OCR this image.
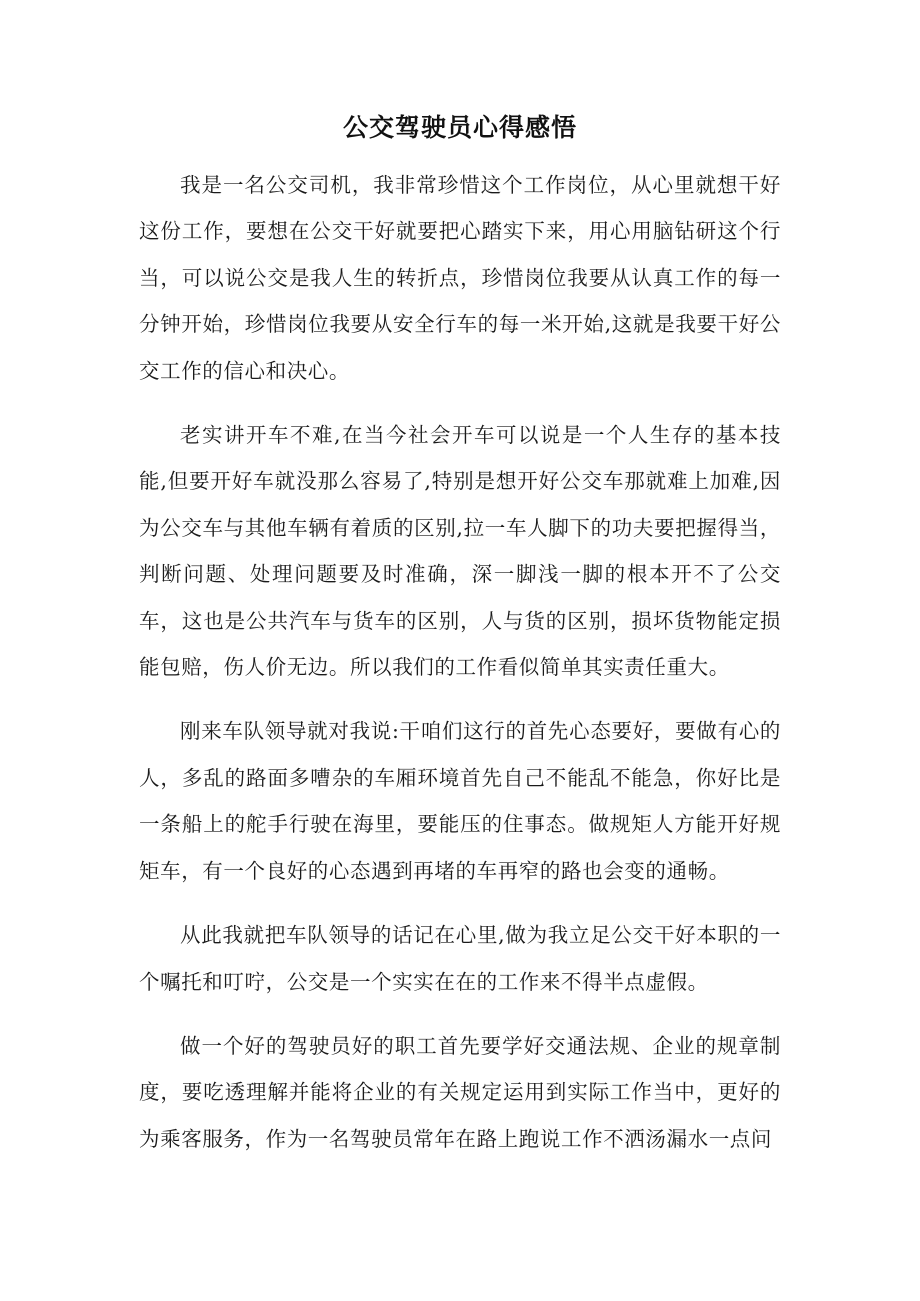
公交驾驶员心得感悟

我是一名公交司机，我非常珍惜这个工作岗位，从心里就想干好这份工作，要想在公交干好就要把心踏实下来，用心用脑钻研这个行当，可以说公交是我人生的转折点，珍惜岗位我要从认真工作的每一分钟开始，珍惜岗位我要从安全行车的每一米开始,这就是我要干好公交工作的信心和决心。

老实讲开车不难,在当今社会开车可以说是一个人生存的基本技能,但要开好车就没那么容易了,特别是想开好公交车那就难上加难,因为公交车与其他车辆有着质的区别,拉一车人脚下的功夫要把握得当，判断问题、处理问题要及时准确，深一脚浅一脚的根本开不了公交车，这也是公共汽车与货车的区别，人与货的区别，损坏货物能定损能包赔，伤人价无边。所以我们的工作看似简单其实责任重大。

刚来车队领导就对我说:干咱们这行的首先心态要好，要做有心的人，多乱的路面多嘈杂的车厢环境首先自己不能乱不能急，你好比是一条船上的舵手行驶在海里，要能压的住事态。做规矩人方能开好规矩车，有一个良好的心态遇到再堵的车再窄的路也会变的通畅。

从此我就把车队领导的话记在心里,做为我立足公交干好本职的一个嘱托和叮咛，公交是一个实实在在的工作来不得半点虚假。

做一个好的驾驶员好的职工首先要学好交通法规、企业的规章制度，要吃透理解并能将企业的有关规定运用到实际工作当中，更好的为乘客服务，作为一名驾驶员常年在路上跑说工作不洒汤漏水一点问
